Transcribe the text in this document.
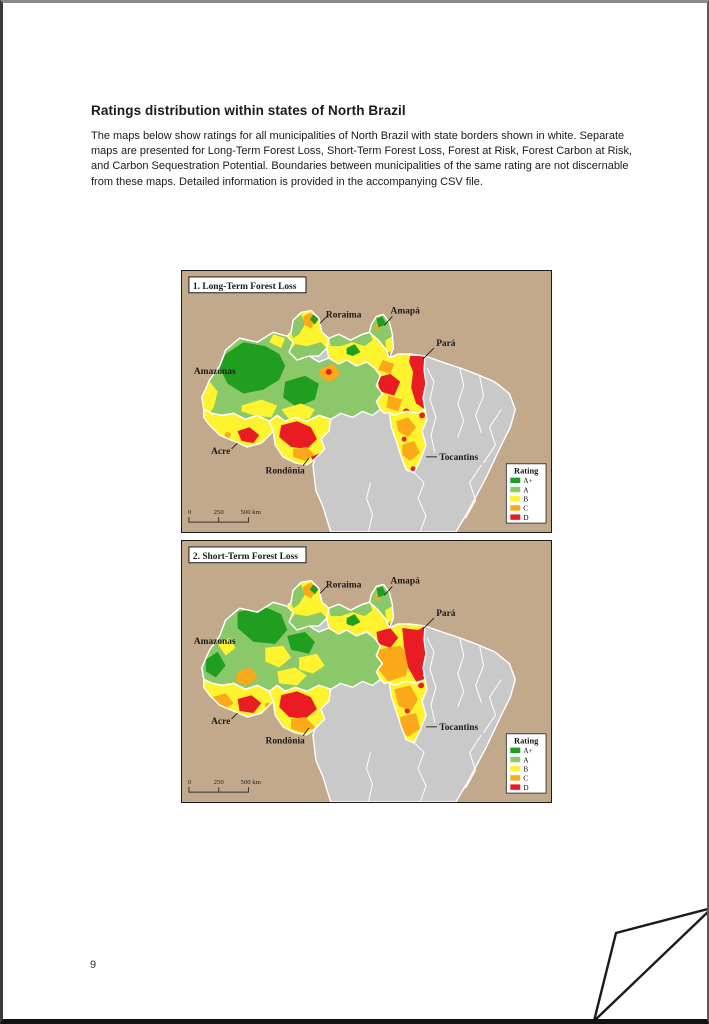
Ratings distribution within states of North Brazil
The maps below show ratings for all municipalities of North Brazil with state borders shown in white. Separate maps are presented for Long-Term Forest Loss, Short-Term Forest Loss, Forest at Risk, Forest Carbon at Risk, and Carbon Sequestration Potential. Boundaries between municipalities of the same rating are not discernable from these maps. Detailed information is provided in the accompanying CSV file.
Roraima	Amapá
Pará
Amazonas
Acre
Rondônia
Tocantins
1. Long-Term Forest Loss
Rating
A+
A
B
C
D
0	250 500 km
Roraima	Amapá
Pará
Amazonas
Acre
Rondônia
Tocantins
2. Short-Term Forest Loss
Rating
A+
A
B
C
D
0	250 500 km
9
